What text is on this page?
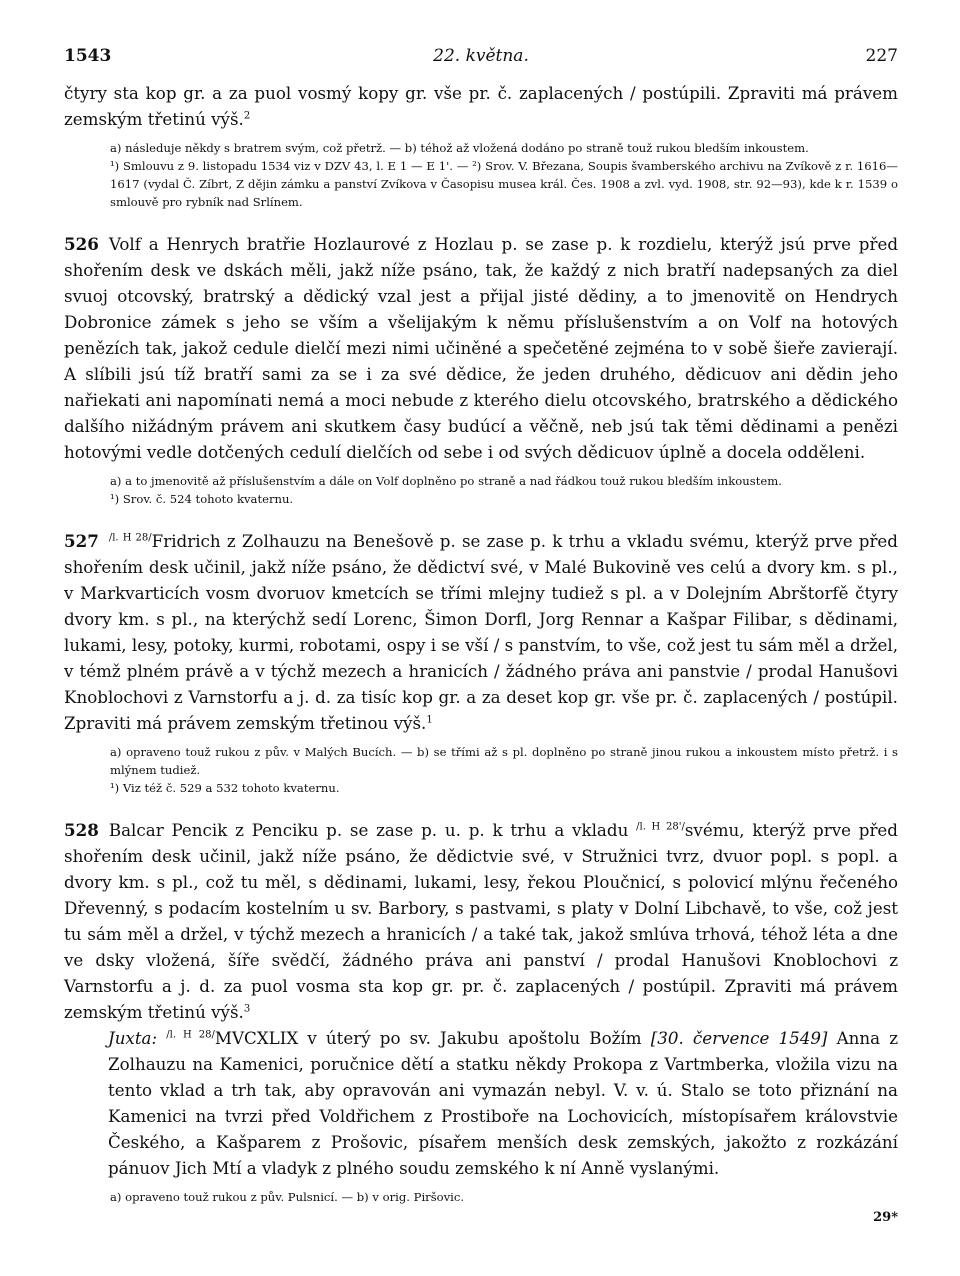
1543	22. května.	227

čtyry sta kop gr. a za puol vosmý kopy gr. vše pr. č. zaplacených / postúpili. Zpraviti má právem zemským třetinú výš.$^2$

a) následuje někdy s bratrem svým, což přetrž. — b) téhož až vložená dodáno po straně touž rukou bledším inkoustem.

¹) Smlouvu z 9. listopadu 1534 viz v DZV 43, l. E 1 — E 1'. — ²) Srov. V. Březana, Soupis švamberského archivu na Zvíkově z r. 1616—1617 (vydal Č. Zíbrt, Z dějin zámku a panství Zvíkova v Časopisu musea král. Čes. 1908 a zvl. vyd. 1908, str. 92—93), kde k r. 1539 o smlouvě pro rybník nad Srlínem.

526 Volf a Henrych bratřie Hozlaurové z Hozlau p. se zase p. k rozdielu, kterýž jsú prve před shořením desk ve dskách měli, jakž níže psáno, tak, že každý z nich bratří nadepsaných za diel svuoj otcovský, bratrský a dědický vzal jest a přijal jisté dědiny, a to jmenovitě on Hendrych Dobronice zámek s jeho se vším a všelijakým k němu příslušenstvím a on Volf na hotových penězích tak, jakož cedule dielčí mezi nimi učiněné a spečetěné zejména to v sobě šieře zavierají. A slíbili jsú tíž bratří sami za se i za své dědice, že jeden druhého, dědicuov ani dědin jeho nařiekati ani napomínati nemá a moci nebude z kterého dielu otcovského, bratrského a dědického dalšího nižádným právem ani skutkem časy budúcí a věčně, neb jsú tak těmi dědinami a penězi hotovými vedle dotčených cedulí dielčích od sebe i od svých dědicuov úplně a docela odděleni.

a) a to jmenovitě až příslušenstvím a dále on Volf doplněno po straně a nad řádkou touž rukou bledším inkoustem.

¹) Srov. č. 524 tohoto kvaternu.

527 $^{/l. H 28/}$Fridrich z Zolhauzu na Benešově p. se zase p. k trhu a vkladu svému, kterýž prve před shořením desk učinil, jakž níže psáno, že dědictví své, v Malé Bukovině ves celú a dvory km. s pl., v Markvarticích vosm dvoruov kmetcích se třími mlejny tudiež s pl. a v Dolejním Abrštorfě čtyry dvory km. s pl., na kterýchž sedí Lorenc, Šimon Dorfl, Jorg Rennar a Kašpar Filibar, s dědinami, lukami, lesy, potoky, kurmi, robotami, ospy i se vší / s panstvím, to vše, což jest tu sám měl a držel, v témž plném právě a v týchž mezech a hranicích / žádného práva ani panstvie / prodal Hanušovi Knoblochovi z Varnstorfu a j. d. za tisíc kop gr. a za deset kop gr. vše pr. č. zaplacených / postúpil. Zpraviti má právem zemským třetinou výš.$^1$

a) opraveno touž rukou z pův. v Malých Bucích. — b) se třími až s pl. doplněno po straně jinou rukou a inkoustem místo přetrž. i s mlýnem tudiež.

¹) Viz též č. 529 a 532 tohoto kvaternu.

528 Balcar Pencik z Penciku p. se zase p. u. p. k trhu a vkladu $^{/l. H 28'/}$svému, kterýž prve před shořením desk učinil, jakž níže psáno, že dědictvie své, v Stružnici tvrz, dvuor popl. s popl. a dvory km. s pl., což tu měl, s dědinami, lukami, lesy, řekou Ploučnicí, s polovicí mlýnu řečeného Dřevenný, s podacím kostelním u sv. Barbory, s pastvami, s platy v Dolní Libchavě, to vše, což jest tu sám měl a držel, v týchž mezech a hranicích / a také tak, jakož smlúva trhová, téhož léta a dne ve dsky vložená, šíře svědčí, žádného práva ani panství / prodal Hanušovi Knoblochovi z Varnstorfu a j. d. za puol vosma sta kop gr. pr. č. zaplacených / postúpil. Zpraviti má právem zemským třetinú výš.$^3$

Juxta: $^{/l. H 28/}$MVCXLIX v úterý po sv. Jakubu apoštolu Božím [30. července 1549] Anna z Zolhauzu na Kamenici, poručnice dětí a statku někdy Prokopa z Vartmberka, vložila vizu na tento vklad a trh tak, aby opravován ani vymazán nebyl. V. v. ú. Stalo se toto přiznání na Kamenici na tvrzi před Voldřichem z Prostiboře na Lochovicích, místopísařem královstvie Českého, a Kašparem z Prošovic, písařem menších desk zemských, jakožto z rozkázání pánuov Jich Mtí a vladyk z plného soudu zemského k ní Anně vyslanými.

a) opraveno touž rukou z pův. Pulsnicí. — b) v orig. Piršovic.

29*
